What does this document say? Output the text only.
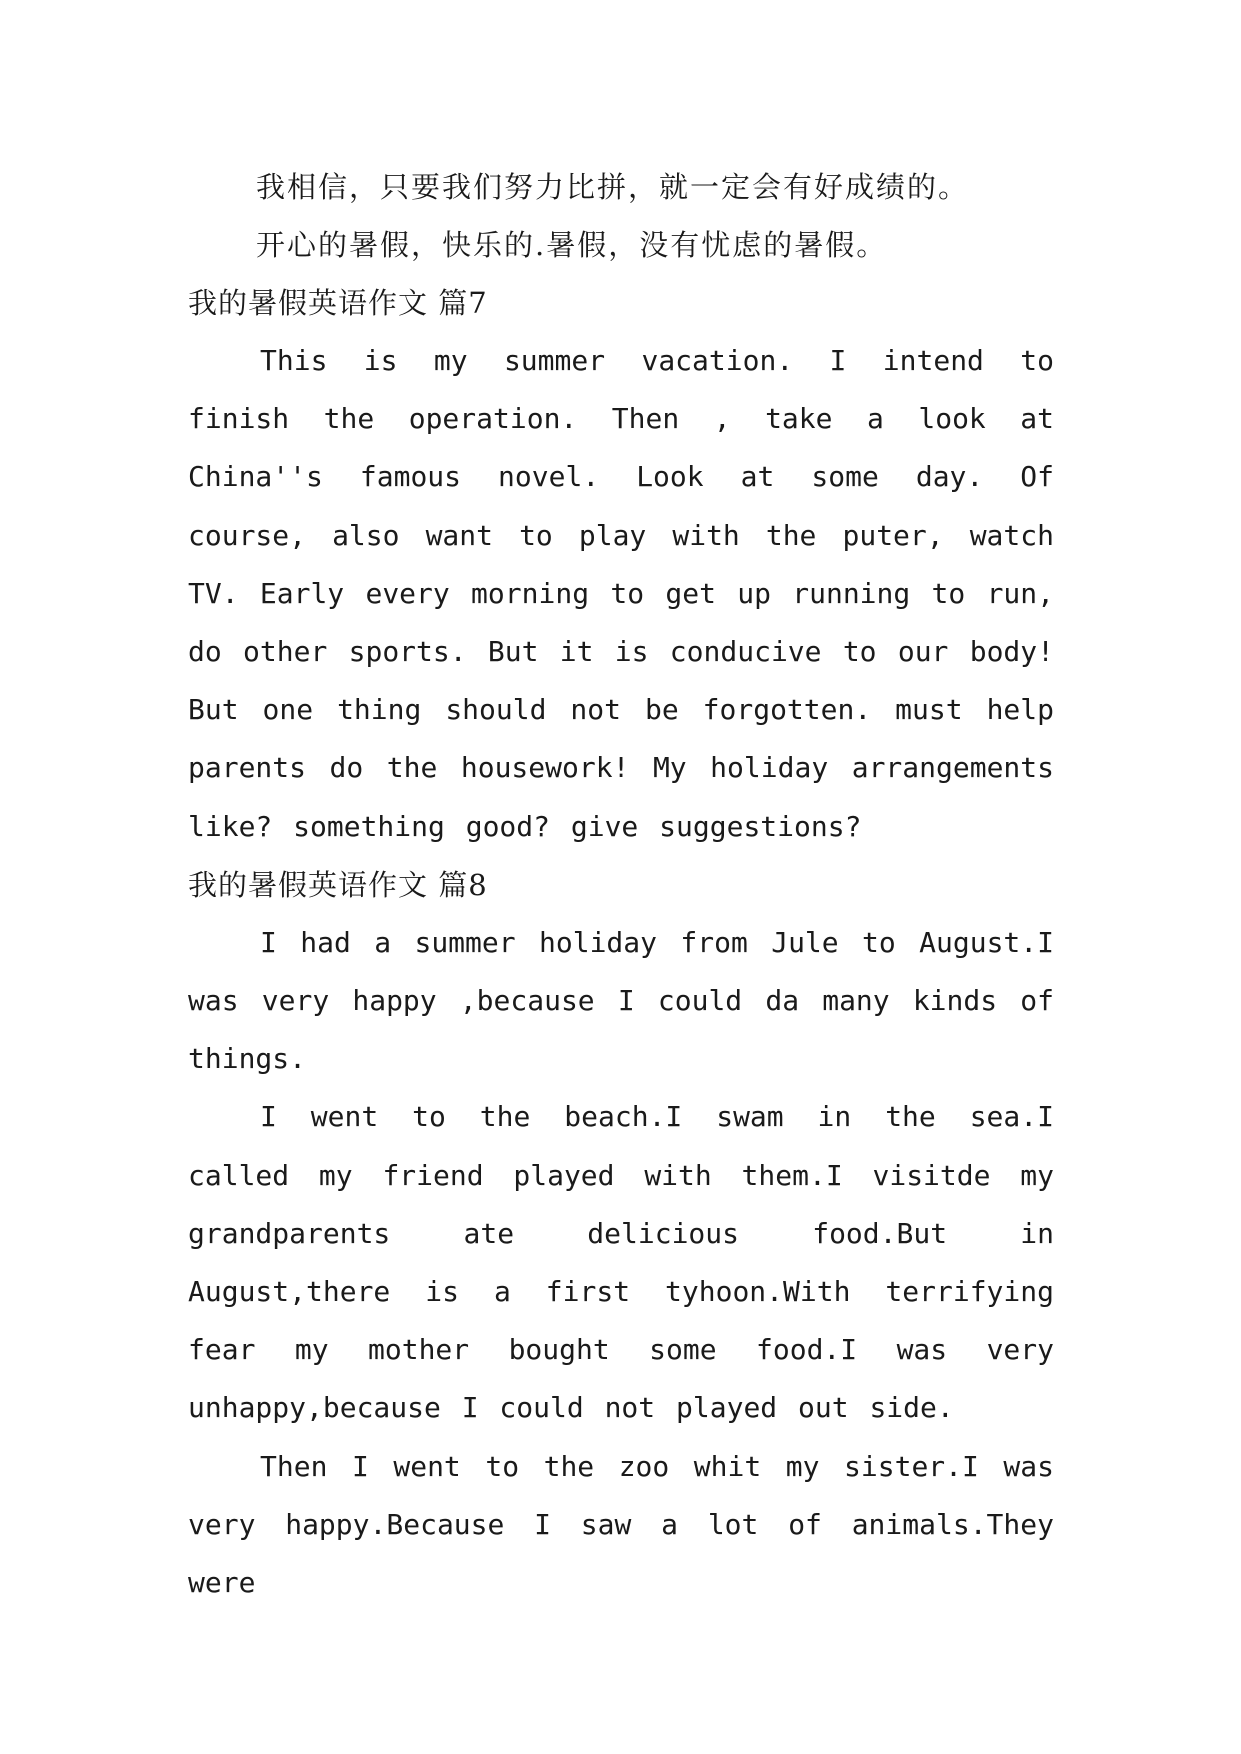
我相信，只要我们努力比拼，就一定会有好成绩的。

开心的暑假，快乐的.暑假，没有忧虑的暑假。

我的暑假英语作文 篇7

This is my summer vacation. I intend to finish the operation. Then , take a look at China''s famous novel. Look at some day. Of course, also want to play with the puter, watch TV. Early every morning to get up running to run, do other sports. But it is conducive to our body! But one thing should not be forgotten. must help parents do the housework! My holiday arrangements like? something good? give suggestions?

我的暑假英语作文 篇8

I had a summer holiday from Jule to August.I was very happy ,because I could da many kinds of things.

I went to the beach.I swam in the sea.I called my friend played with them.I visitde my grandparents ate delicious food.But in August,there is a first tyhoon.With terrifying fear my mother bought some food.I was very unhappy,because I could not played out side.

Then I went to the zoo whit my sister.I was very happy.Because I saw a lot of animals.They were
